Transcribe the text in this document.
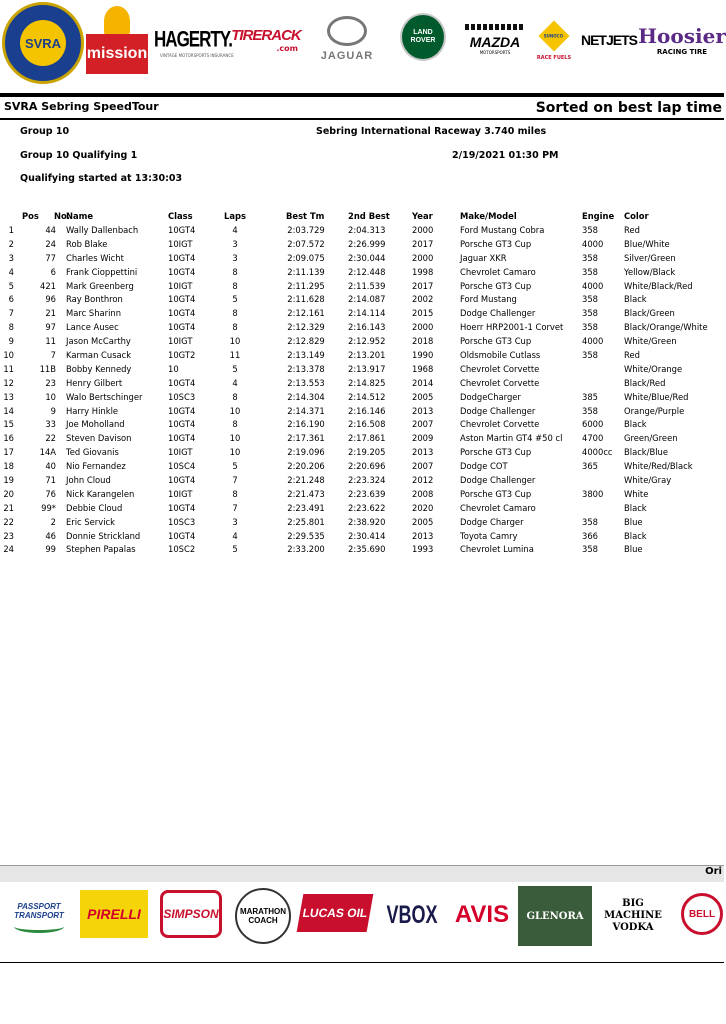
SVRA
mission
HAGERTY.
VINTAGE MOTORSPORTS INSURANCE
TIRERACK
.com
JAGUAR
LAND ROVER	MAZDA
MOTORSPORTS
SUNOCO
RACE FUELS
NETJETS Hoosier
RACING TIRE
SVRA Sebring SpeedTour	Sorted on best lap time
Group 10	Sebring International Raceway 3.740 miles
Group 10 Qualifying 1	2/19/2021 01:30 PM
Qualifying started at 13:30:03
Pos	No.	Name	Class	Laps	Best Tm	2nd Best	Year	Make/Model	Engine	Color
1	44	Wally Dallenbach	10GT4	4	2:03.729	2:04.313	2000	Ford Mustang Cobra	358	Red
2	24	Rob Blake	10IGT	3	2:07.572	2:26.999	2017	Porsche GT3 Cup	4000	Blue/White
3	77	Charles Wicht	10GT4	3	2:09.075	2:30.044	2000	Jaguar XKR	358	Silver/Green
4	6	Frank Cioppettini	10GT4	8	2:11.139	2:12.448	1998	Chevrolet Camaro	358	Yellow/Black
5	421	Mark Greenberg	10IGT	8	2:11.295	2:11.539	2017	Porsche GT3 Cup	4000	White/Black/Red
6	96	Ray Bonthron	10GT4	5	2:11.628	2:14.087	2002	Ford Mustang	358	Black
7	21	Marc Sharinn	10GT4	8	2:12.161	2:14.114	2015	Dodge Challenger	358	Black/Green
8	97	Lance Ausec	10GT4	8	2:12.329	2:16.143	2000	Hoerr HRP2001-1 Corvet	358	Black/Orange/White
9	11	Jason McCarthy	10IGT	10	2:12.829	2:12.952	2018	Porsche GT3 Cup	4000	White/Green
10	7	Karman Cusack	10GT2	11	2:13.149	2:13.201	1990	Oldsmobile Cutlass	358	Red
11	11B	Bobby Kennedy	10	5	2:13.378	2:13.917	1968	Chevrolet Corvette		White/Orange
12	23	Henry Gilbert	10GT4	4	2:13.553	2:14.825	2014	Chevrolet Corvette		Black/Red
13	10	Walo Bertschinger	10SC3	8	2:14.304	2:14.512	2005	DodgeCharger	385	White/Blue/Red
14	9	Harry Hinkle	10GT4	10	2:14.371	2:16.146	2013	Dodge Challenger	358	Orange/Purple
15	33	Joe Moholland	10GT4	8	2:16.190	2:16.508	2007	Chevrolet Corvette	6000	Black
16	22	Steven Davison	10GT4	10	2:17.361	2:17.861	2009	Aston Martin GT4 #50 cl	4700	Green/Green
17	14A	Ted Giovanis	10IGT	10	2:19.096	2:19.205	2013	Porsche GT3 Cup	4000cc	Black/Blue
18	40	Nio Fernandez	10SC4	5	2:20.206	2:20.696	2007	Dodge COT	365	White/Red/Black
19	71	John Cloud	10GT4	7	2:21.248	2:23.324	2012	Dodge Challenger		White/Gray
20	76	Nick Karangelen	10IGT	8	2:21.473	2:23.639	2008	Porsche GT3 Cup	3800	White
21	99*	Debbie Cloud	10GT4	7	2:23.491	2:23.622	2020	Chevrolet Camaro		Black
22	2	Eric Servick	10SC3	3	2:25.801	2:38.920	2005	Dodge Charger	358	Blue
23	46	Donnie Strickland	10GT4	4	2:29.535	2:30.414	2013	Toyota Camry	366	Black
24	99	Stephen Papalas	10SC2	5	2:33.200	2:35.690	1993	Chevrolet Lumina	358	Blue
Ori
PASSPORT TRANSPORT	PIRELLI SIMPSON	MARATHON COACH
LUCAS OIL VBOX AVIS GLENORA
BIG MACHINE VODKA
BELL
